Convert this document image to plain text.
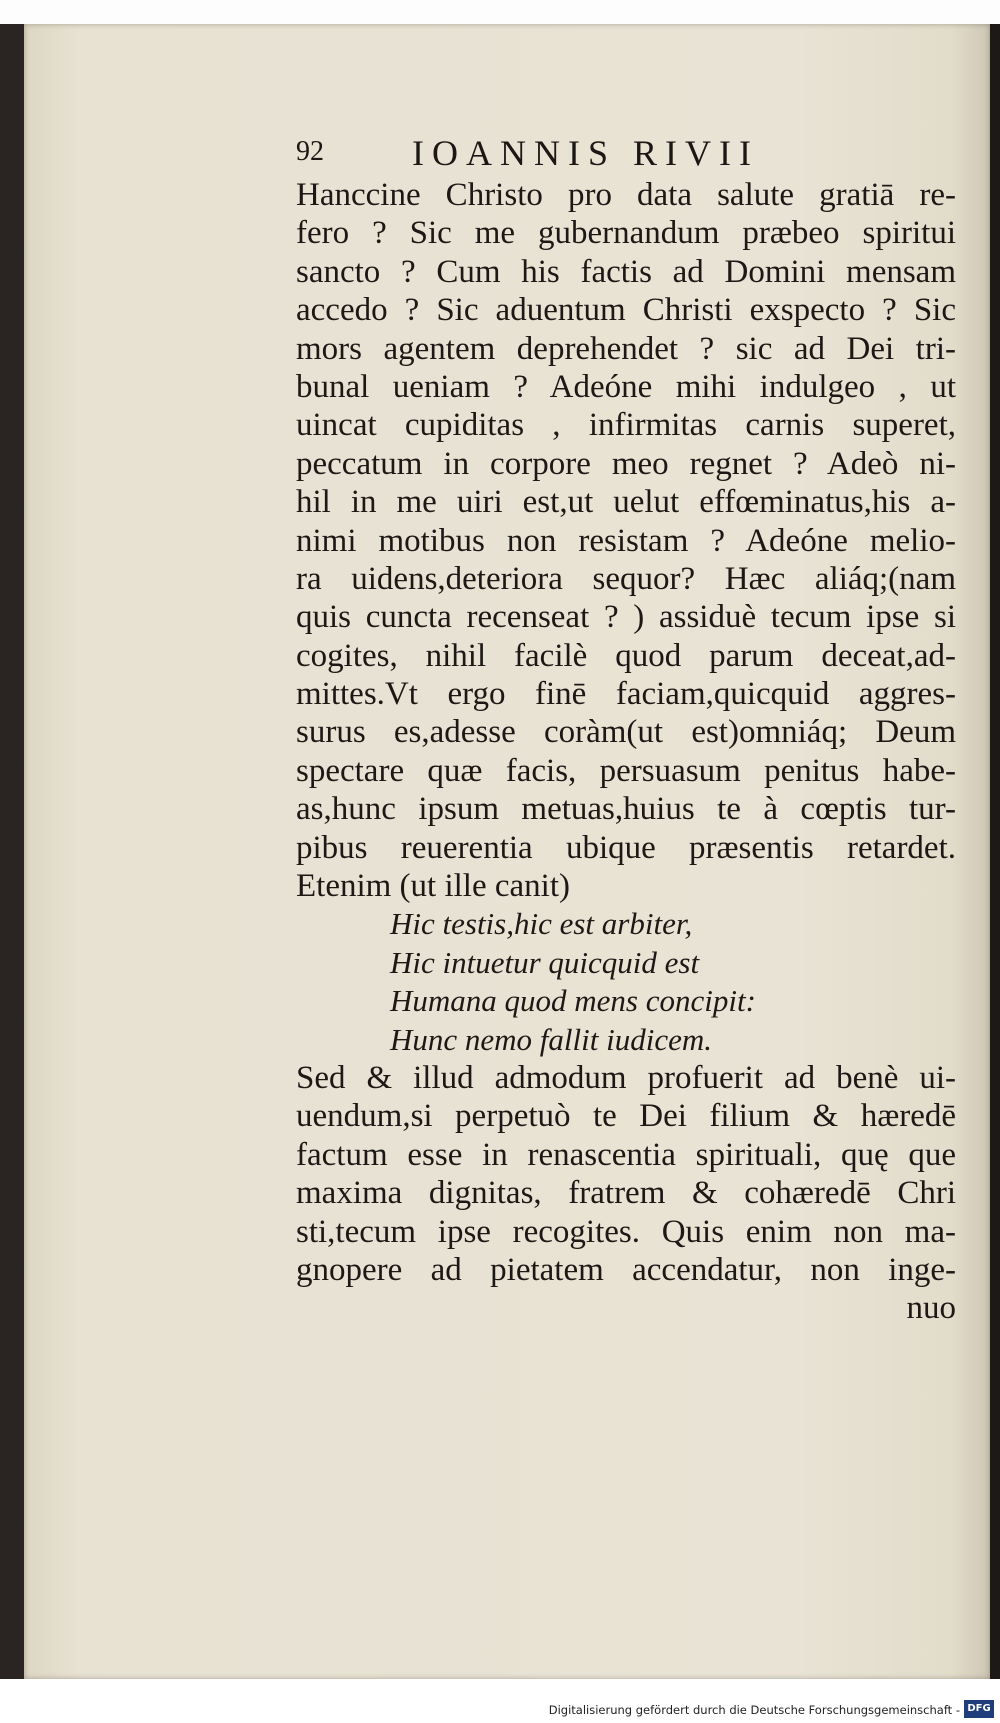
92 IOANNIS RIVII
Hanccine Christo pro data salute gratiā re-
fero ? Sic me gubernandum præbeo spiritui
sancto ? Cum his factis ad Domini mensam
accedo ? Sic aduentum Christi exspecto ? Sic
mors agentem deprehendet ? sic ad Dei tri-
bunal ueniam ? Adeóne mihi indulgeo , ut
uincat cupiditas , infirmitas carnis superet,
peccatum in corpore meo regnet ? Adeò ni-
hil in me uiri est,ut uelut effœminatus,his a-
nimi motibus non resistam ? Adeóne melio-
ra uidens,deteriora sequor? Hæc aliáq;(nam
quis cuncta recenseat ? ) assiduè tecum ipse si
cogites, nihil facilè quod parum deceat,ad-
mittes.Vt ergo finē faciam,quicquid aggres-
surus es,adesse coràm(ut est)omniáq; Deum
spectare quæ facis, persuasum penitus habe-
as,hunc ipsum metuas,huius te à cœptis tur-
pibus reuerentia ubique præsentis retardet.
Etenim (ut ille canit)
Hic testis,hic est arbiter,
Hic intuetur quicquid est
Humana quod mens concipit:
Hunc nemo fallit iudicem.
Sed & illud admodum profuerit ad benè ui-
uendum,si perpetuò te Dei filium & hæredē
factum esse in renascentia spirituali, quę que
maxima dignitas, fratrem & cohæredē Chri
sti,tecum ipse recogites. Quis enim non ma-
gnopere ad pietatem accendatur, non inge-
nuo
Digitalisierung gefördert durch die Deutsche Forschungsgemeinschaft - DFG
